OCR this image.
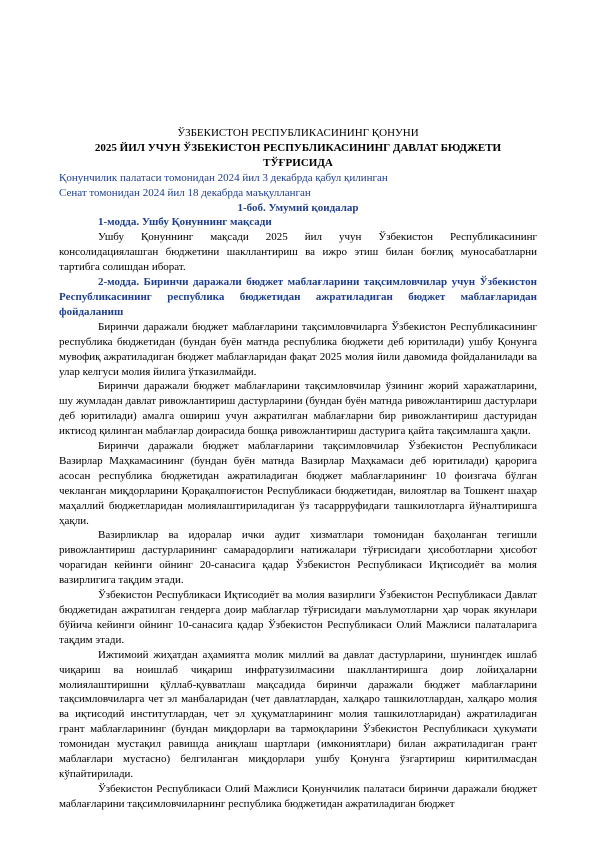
ЎЗБЕКИСТОН РЕСПУБЛИКАСИНИНГ ҚОНУНИ

2025 ЙИЛ УЧУН ЎЗБЕКИСТОН РЕСПУБЛИКАСИНИНГ ДАВЛАТ БЮДЖЕТИ ТЎҒРИСИДА

Қонунчилик палатаси томонидан 2024 йил 3 декабрда қабул қилинган

Сенат томонидан 2024 йил 18 декабрда маъқулланган

1-боб. Умумий қоидалар

1-модда. Ушбу Қонуннинг мақсади

Ушбу Қонуннинг мақсади 2025 йил учун Ўзбекистон Республикасининг консолидациялашган бюджетини шакллантириш ва ижро этиш билан боғлиқ муносабатларни тартибга солишдан иборат.

2-модда. Биринчи даражали бюджет маблағларини тақсимловчилар учун Ўзбекистон Республикасининг республика бюджетидан ажратиладиган бюджет маблағларидан фойдаланиш

Биринчи даражали бюджет маблағларини тақсимловчиларга Ўзбекистон Республикасининг республика бюджетидан (бундан буён матнда республика бюджети деб юритилади) ушбу Қонунга мувофиқ ажратиладиган бюджет маблағларидан фақат 2025 молия йили давомида фойдаланилади ва улар келгуси молия йилига ўтказилмайди.

Биринчи даражали бюджет маблағларини тақсимловчилар ўзининг жорий харажатларини, шу жумладан давлат ривожлантириш дастурларини (бундан буён матнда ривожлантириш дастурлари деб юритилади) амалга ошириш учун ажратилган маблағларни бир ривожлантириш дастуридан иктисод қилинган маблағлар доирасида бошқа ривожлантириш дастурига қайта тақсимлашга ҳақли.

Биринчи даражали бюджет маблағларини тақсимловчилар Ўзбекистон Республикаси Вазирлар Маҳкамасининг (бундан буён матнда Вазирлар Маҳкамаси деб юритилади) қарорига асосан республика бюджетидан ажратиладиган бюджет маблағларининг 10 фоизгача бўлган чекланган миқдорларини Қорақалпоғистон Республикаси бюджетидан, вилоятлар ва Тошкент шаҳар маҳаллий бюджетларидан молиялаштириладиган ўз тасаррруфидаги ташкилотларга йўналтиришга ҳақли.

Вазирликлар ва идоралар ички аудит хизматлари томонидан баҳоланган тегишли ривожлантириш дастурларининг самарадорлиги натижалари тўғрисидаги ҳисоботларни ҳисобот чорагидан кейинги ойнинг 20-санасига қадар Ўзбекистон Республикаси Иқтисодиёт ва молия вазирлигига тақдим этади.

Ўзбекистон Республикаси Иқтисодиёт ва молия вазирлиги Ўзбекистон Республикаси Давлат бюджетидан ажратилган гендерга доир маблағлар тўғрисидаги маълумотларни ҳар чорак якунлари бўйича кейинги ойнинг 10-санасига қадар Ўзбекистон Республикаси Олий Мажлиси палаталарига тақдим этади.

Ижтимоий жиҳатдан аҳамиятга молик миллий ва давлат дастурларини, шунингдек ишлаб чиқариш ва ноишлаб чиқариш инфратузилмасини шакллантиришга доир лойиҳаларни молиялаштиришни қўллаб-қувватлаш мақсадида биринчи даражали бюджет маблағларини тақсимловчиларга чет эл манбаларидан (чет давлатлардан, халқаро ташкилотлардан, халқаро молия ва иқтисодий институтлардан, чет эл ҳуқуматларининг молия ташкилотларидан) ажратиладиган грант маблағларининг (бундан миқдорлари ва тармоқларини Ўзбекистон Республикаси ҳукумати томонидан мустақил равишда аниқлаш шартлари (имкониятлари) билан ажратиладиган грант маблағлари мустасно) белгиланган миқдорлари ушбу Қонунга ўзгартириш киритилмасдан кўпайтирилади.

Ўзбекистон Республикаси Олий Мажлиси Қонунчилик палатаси биринчи даражали бюджет маблағларини тақсимловчиларнинг республика бюджетидан ажратиладиган бюджет
